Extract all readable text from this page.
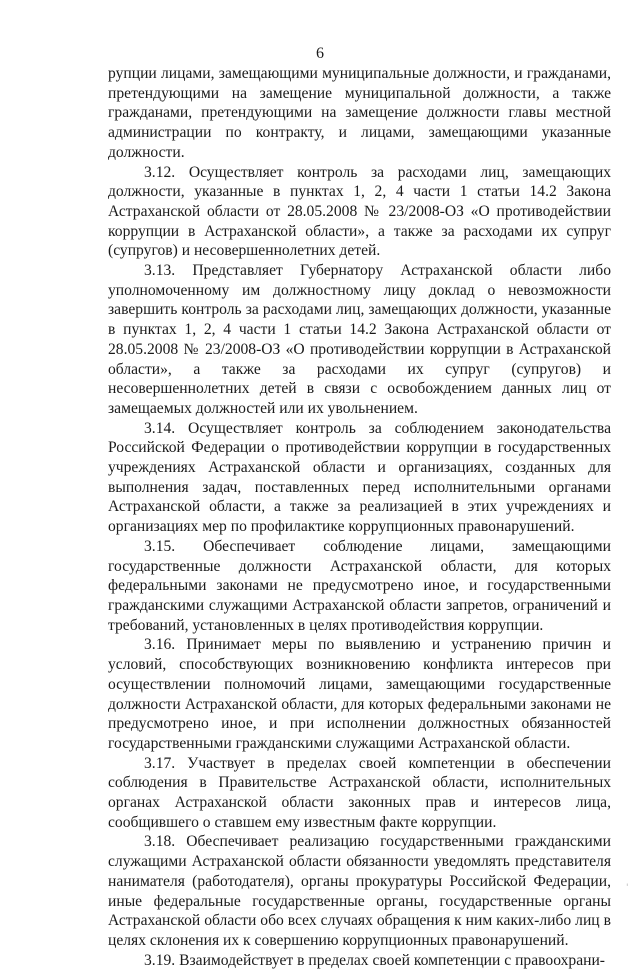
6

рупции лицами, замещающими муниципальные должности, и гражданами, претендующими на замещение муниципальной должности, а также гражданами, претендующими на замещение должности главы местной администрации по контракту, и лицами, замещающими указанные должности.

3.12. Осуществляет контроль за расходами лиц, замещающих должности, указанные в пунктах 1, 2, 4 части 1 статьи 14.2 Закона Астраханской области от 28.05.2008 № 23/2008-ОЗ «О противодействии коррупции в Астраханской области», а также за расходами их супруг (супругов) и несовершеннолетних детей.

3.13. Представляет Губернатору Астраханской области либо уполномоченному им должностному лицу доклад о невозможности завершить контроль за расходами лиц, замещающих должности, указанные в пунктах 1, 2, 4 части 1 статьи 14.2 Закона Астраханской области от 28.05.2008 № 23/2008-ОЗ «О противодействии коррупции в Астраханской области», а также за расходами их супруг (супругов) и несовершеннолетних детей в связи с освобождением данных лиц от замещаемых должностей или их увольнением.

3.14. Осуществляет контроль за соблюдением законодательства Российской Федерации о противодействии коррупции в государственных учреждениях Астраханской области и организациях, созданных для выполнения задач, поставленных перед исполнительными органами Астраханской области, а также за реализацией в этих учреждениях и организациях мер по профилактике коррупционных правонарушений.

3.15. Обеспечивает соблюдение лицами, замещающими государственные должности Астраханской области, для которых федеральными законами не предусмотрено иное, и государственными гражданскими служащими Астраханской области запретов, ограничений и требований, установленных в целях противодействия коррупции.

3.16. Принимает меры по выявлению и устранению причин и условий, способствующих возникновению конфликта интересов при осуществлении полномочий лицами, замещающими государственные должности Астраханской области, для которых федеральными законами не предусмотрено иное, и при исполнении должностных обязанностей государственными гражданскими служащими Астраханской области.

3.17. Участвует в пределах своей компетенции в обеспечении соблюдения в Правительстве Астраханской области, исполнительных органах Астраханской области законных прав и интересов лица, сообщившего о ставшем ему известным факте коррупции.

3.18. Обеспечивает реализацию государственными гражданскими служащими Астраханской области обязанности уведомлять представителя нанимателя (работодателя), органы прокуратуры Российской Федерации, иные федеральные государственные органы, государственные органы Астраханской области обо всех случаях обращения к ним каких-либо лиц в целях склонения их к совершению коррупционных правонарушений.

3.19. Взаимодействует в пределах своей компетенции с правоохрани-

'
